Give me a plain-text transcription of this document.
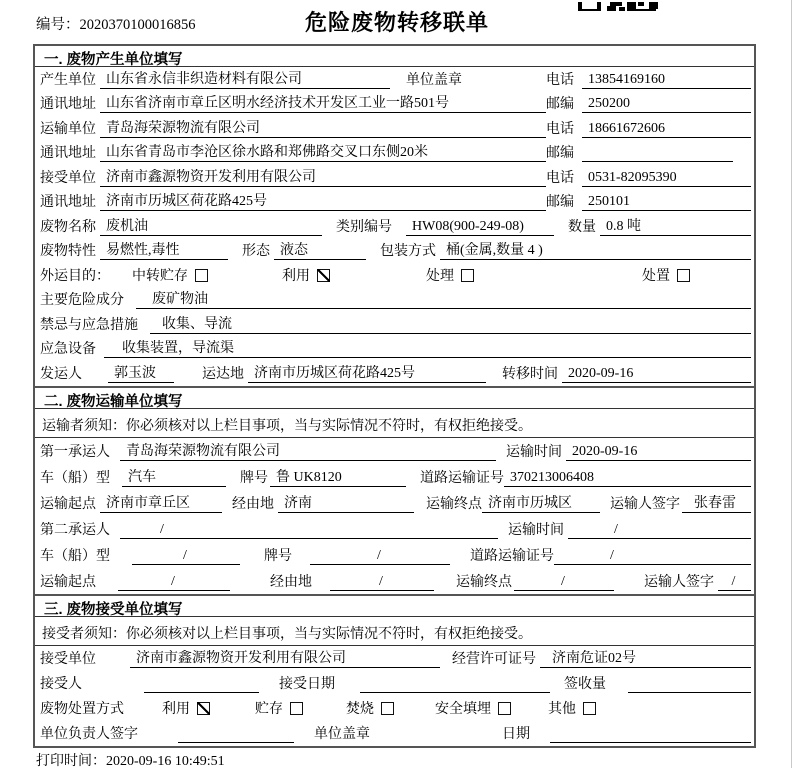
编号：2020370100016856	危险废物转移联单
一. 废物产生单位填写
产生单位 山东省永信非织造材料有限公司	单位盖章	电话	13854169160
通讯地址 山东省济南市章丘区明水经济技术开发区工业一路501号	邮编	250200
运输单位 青岛海荣源物流有限公司	电话	18661672606
通讯地址 山东省青岛市李沧区徐水路和郑佛路交叉口东侧20米	邮编
接受单位 济南市鑫源物资开发利用有限公司	电话	0531-82095390
通讯地址 济南市历城区荷花路425号	邮编	250101
废物名称 废机油	类别编号	HW08(900-249-08)	数量 0.8 吨
废物特性 易燃性,毒性	形态 液态	包装方式 桶(金属,数量 4 )
外运目的：	中转贮存	利用	处理	处置
主要危险成分	废矿物油
禁忌与应急措施	收集、导流
应急设备	收集装置，导流渠
发运人	郭玉波	运达地 济南市历城区荷花路425号	转移时间 2020-09-16
二. 废物运输单位填写
运输者须知：你必须核对以上栏目事项，当与实际情况不符时，有权拒绝接受。
第一承运人	青岛海荣源物流有限公司	运输时间 2020-09-16
车（船）型	汽车	牌号 鲁 UK8120	道路运输证号 370213006408
运输起点 济南市章丘区	经由地 济南	运输终点 济南市历城区	运输人签字	张春雷
第二承运人	/	运输时间	/
车（船）型	/	牌号	/	道路运输证号	/
运输起点	/	经由地	/	运输终点	/	运输人签字	/
三. 废物接受单位填写
接受者须知：你必须核对以上栏目事项，当与实际情况不符时，有权拒绝接受。
接受单位	济南市鑫源物资开发利用有限公司	经营许可证号	济南危证02号
接受人	接受日期	签收量
废物处置方式	利用	贮存	焚烧	安全填埋	其他
单位负责人签字	单位盖章	日期
打印时间：2020-09-16 10:49:51
